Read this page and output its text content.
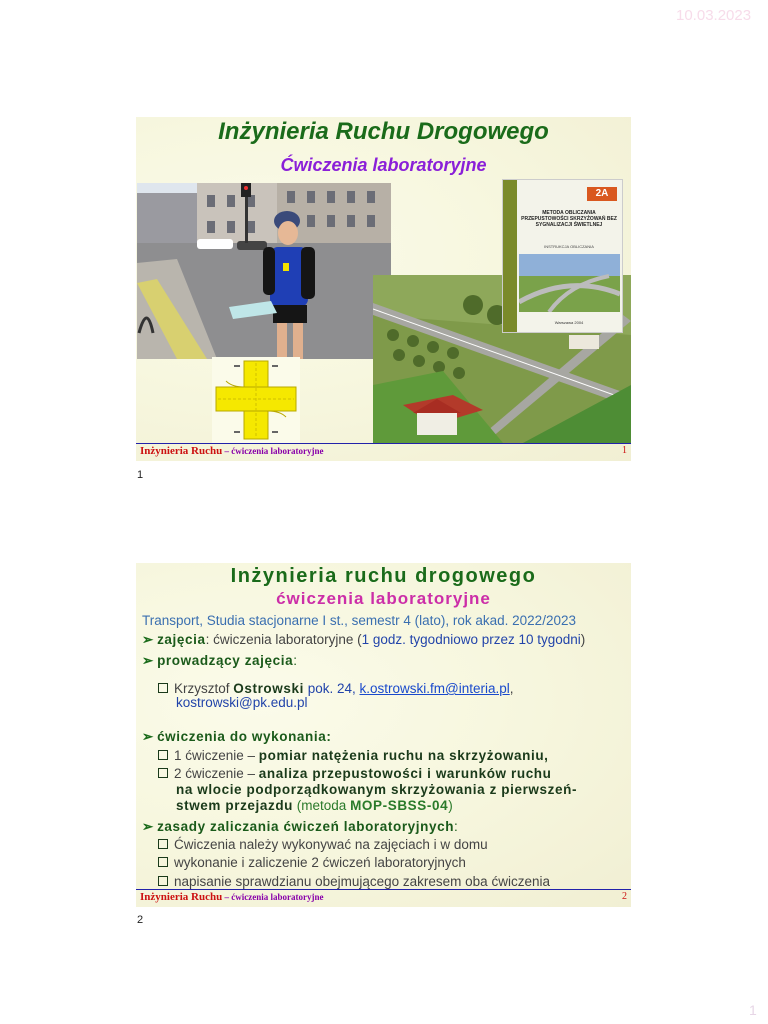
10.03.2023
Inżynieria Ruchu Drogowego
Ćwiczenia laboratoryjne
2A
METODA OBLICZANIA PRZEPUSTOWOŚCI SKRZYŻOWAŃ BEZ SYGNALIZACJI ŚWIETLNEJ
INSTRUKCJA OBLICZANIA
Warszawa 2004
Inżynieria Ruchu – ćwiczenia laboratoryjne	1
1
Inżynieria ruchu drogowego
ćwiczenia laboratoryjne
Transport, Studia stacjonarne I st., semestr 4 (lato), rok akad. 2022/2023
➢ zajęcia: ćwiczenia laboratoryjne (1 godz. tygodniowo przez 10 tygodni)
➢ prowadzący zajęcia:
Krzysztof Ostrowski pok. 24, k.ostrowski.fm@interia.pl,
kostrowski@pk.edu.pl
➢ ćwiczenia do wykonania:
1 ćwiczenie – pomiar natężenia ruchu na skrzyżowaniu,
2 ćwiczenie – analiza przepustowości i warunków ruchu
na wlocie podporządkowanym skrzyżowania z pierwszeń-
stwem przejazdu (metoda MOP-SBSS-04)
➢ zasady zaliczania ćwiczeń laboratoryjnych:
Ćwiczenia należy wykonywać na zajęciach i w domu
wykonanie i zaliczenie 2 ćwiczeń laboratoryjnych
napisanie sprawdzianu obejmującego zakresem oba ćwiczenia
Inżynieria Ruchu – ćwiczenia laboratoryjne	2
2
1
